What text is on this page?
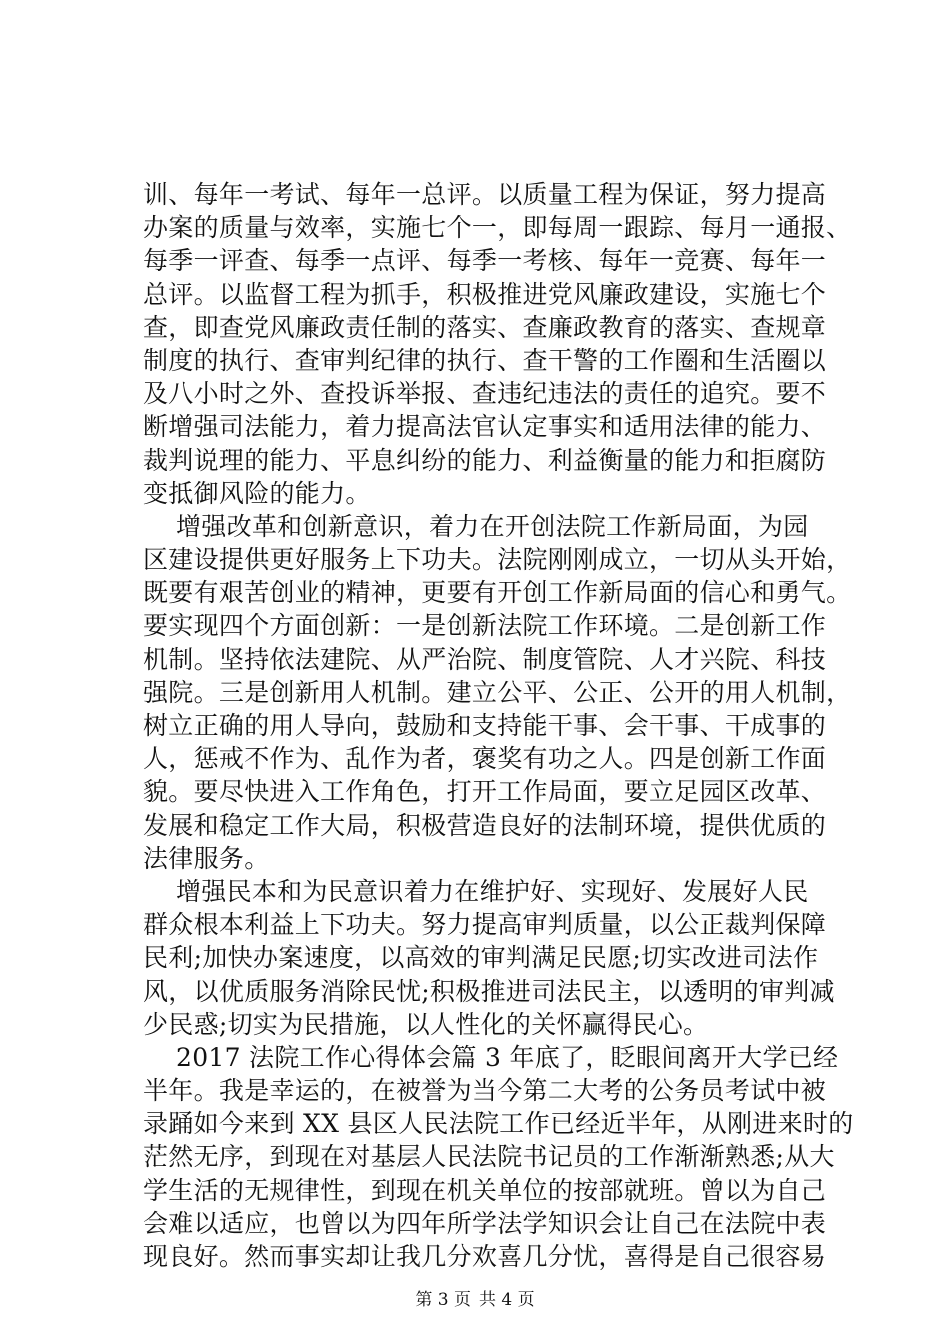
训、每年一考试、每年一总评。以质量工程为保证，努力提高
办案的质量与效率，实施七个一，即每周一跟踪、每月一通报、
每季一评查、每季一点评、每季一考核、每年一竞赛、每年一
总评。以监督工程为抓手，积极推进党风廉政建设，实施七个
查，即查党风廉政责任制的落实、查廉政教育的落实、查规章
制度的执行、查审判纪律的执行、查干警的工作圈和生活圈以
及八小时之外、查投诉举报、查违纪违法的责任的追究。要不
断增强司法能力，着力提高法官认定事实和适用法律的能力、
裁判说理的能力、平息纠纷的能力、利益衡量的能力和拒腐防
变抵御风险的能力。
增强改革和创新意识，着力在开创法院工作新局面，为园
区建设提供更好服务上下功夫。法院刚刚成立，一切从头开始，
既要有艰苦创业的精神，更要有开创工作新局面的信心和勇气。
要实现四个方面创新：一是创新法院工作环境。二是创新工作
机制。坚持依法建院、从严治院、制度管院、人才兴院、科技
强院。三是创新用人机制。建立公平、公正、公开的用人机制，
树立正确的用人导向，鼓励和支持能干事、会干事、干成事的
人，惩戒不作为、乱作为者，褒奖有功之人。四是创新工作面
貌。要尽快进入工作角色，打开工作局面，要立足园区改革、
发展和稳定工作大局，积极营造良好的法制环境，提供优质的
法律服务。
增强民本和为民意识着力在维护好、实现好、发展好人民
群众根本利益上下功夫。努力提高审判质量，以公正裁判保障
民利;加快办案速度，以高效的审判满足民愿;切实改进司法作
风，以优质服务消除民忧;积极推进司法民主，以透明的审判减
少民惑;切实为民措施，以人性化的关怀赢得民心。
2017 法院工作心得体会篇 3 年底了，眨眼间离开大学已经
半年。我是幸运的，在被誉为当今第二大考的公务员考试中被
录踊如今来到 XX 县区人民法院工作已经近半年，从刚进来时的
茫然无序，到现在对基层人民法院书记员的工作渐渐熟悉;从大
学生活的无规律性，到现在机关单位的按部就班。曾以为自己
会难以适应，也曾以为四年所学法学知识会让自己在法院中表
现良好。然而事实却让我几分欢喜几分忧，喜得是自己很容易
第 3 页 共 4 页
